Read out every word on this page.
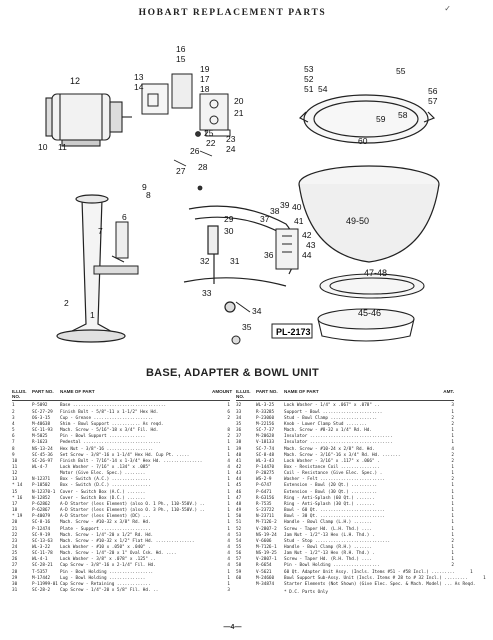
HOBART REPLACEMENT PARTS	✓
PL-2173
1
2
6
7
8
9
10 11
12	13
14
15
16
17
18
19
20
21
22 23
24
25
26
27 28
29
30
31
32
33
34
35
36
37
38
39 40
41
42
43
44
45-46
47-48
49-50
51
52
53
54
55
56
57
58
59
60
BASE, ADAPTER & BOWL UNIT
ILLUS. NO.
PART NO.	NAME OF PART	AMOUNT
1	P-5092	Base ....................................	1
2	SC-27-29	Finish Bolt - 5/8"-11 x 1-1/2" Hex Hd.	6
3	OG-3-15	Cup - Grease .......................	2
4	M-40638	Shim - Bowl Support ........... As reqd.
5	SC-11-93	Mach. Screw - 5/16"-18 x 3/4" Fil. Hd.	8
6	M-5025	Pin - Bowl Support ..............	2
7	R-1623	Pedestal ..............................	1
8	NS-13-24	Hex Nut - 3/8"-16 ..................	1
9	SC-45-36	Set Screw - 3/8"-16 x 1-1/4" Hex Hd. Cup Pt. .....	1
10	SC-26-97	Finish Bolt - 7/16"-14 x 1-3/4" Hex Hd. ...............	4
11	WL-4-7	Lock Washer - 7/16" x .134" x .085"	4
12	Motor (Give Elec. Spec.) ........	1
13	N-12371	Box - Switch (A.C.) ...............	1
* 14	P-10502	Box - Switch (D.C.) ...............	1
15	N-12370-1	Cover - Switch Box (A.C.) .......	1
* 16	N-12852	Cover - Switch Box (D.C.) .......	1
17	P-62862	A-D Starter (less Element) (also O. 1 Ph., 110-550V.) ..	1
18	P-62867	A-D Starter (less Element) (also O. 3 Ph., 110-550V.) ..	1
* 19	P-40079	A-D Starter (less Element) (DC) ...	1
20	SC-8-16	Mach. Screw - #10-32 x 3/8" Rd. Hd.	1
21	P-12474	Plate - Support ...................	1
22	SC-9-19	Mach. Screw - 1/4"-20 x 1/2" Rd. Hd.	4
23	SC-13-63	Mach. Screw - #10-32 x 1/2" Flat Hd. ...............	4
24	WL-3-22	Lock Washer - #10 x .050" x .040" .	4
25	SC-11-78	Mach. Screw - 1/4"-20 x 1" Oval Csk. Hd. ....	4
26	WL-4-1	Lock Washer - 3/8" x .078" x .125" ..	4
27	SC-28-21	Cap Screw - 3/8"-16 x 2-1/4" Fil. Hd.	4
28	T-5357	Pin - Bowl Holding .................	1
29	M-17442	Lug - Bowl Holding ..............	1
30	P-11999-01 Cap Screw - Retaining .............	1
31	SC-28-2	Cap Screw - 1/4"-20 x 5/8" Fil. Hd. ..	3
ILLUS. NO.
PART NO.	NAME OF PART	AMT.
32	WL-3-25	Lock Washer - 1/4" x .067" x .078" ..	3
33	R-33285	Support - Bowl .......................	1
34	P-23060	Stud - Bowl Clamp ..................	2
35	M-22156	Knob - Lower Clamp Stud ........	2
36	SC-7-37	Mach. Screw - #8-32 x 1/4" Rd. Hd.	1
37	M-20628	Insulator ................................	1
38	V-18133	Insulator ................................	1
39	SC-7-74	Mach. Screw - #10-24 x 2/8" Rd. Hd.	4
40	SC-8-48	Mach. Screw - 3/16"-16 x 3/4" Rd. Hd. .......	2
41	WL-3-43	Lock Washer - 3/16" x .117" x .066" .	2
42	P-14470	Box - Resistance Coil ...............	1
43	P-20275	Coil - Resistance (Give Elec. Spec.) .	1
44	WS-2-9	Washer - Felt .........................	2
45	P-6747	Extension - Bowl (20 Qt.) ..........	1
46	P-6471	Extension - Bowl (30 Qt.) ..........	1
47	R-63156	Ring - Anti-Splash (60 Qt.) .......	1
48	R-7535	Ring - Anti-Splash (30 Qt.) .......	1
49	S-23722	Bowl - 60 Qt. .........................	1
50	N-23711	Bowl - 30 Qt. .........................	1
51	M-7126-2	Handle - Bowl Clamp (L.H.) .......	1
52	V-2807-2	Screw - Taper Hd. (L.H. Thd.) ....	1
53	NS-19-24	Jam Nut - 1/2"-13 Hex (L.H. Thd.) .	1
54	V-6606	Stud - Stop .............................	2
55	M-7126-1	Handle - Bowl Clamp (R.H.) .......	1
56	NS-19-25	Jam Nut - 1/2"-13 Hex (R.H. Thd.) .	1
57	V-2807-1	Screw - Taper Hd. (R.H. Thd.) ....	1
58	R-6654	Pin - Bowl Holding ..................	2
59	V-5621	60 Qt. Adapter Unit Assy. (Incls. Items #51 - #58 Incl.) .........	1
60	M-24660	Bowl Support Sub-Assy. Unit (Incls. Items # 28 to # 32 Incl.) .........	1
M-34874	Starter Elements (Not Shown) (Give Elec. Spec. & Mach. Model) ... As Reqd.
* D.C. Parts Only
—4—
